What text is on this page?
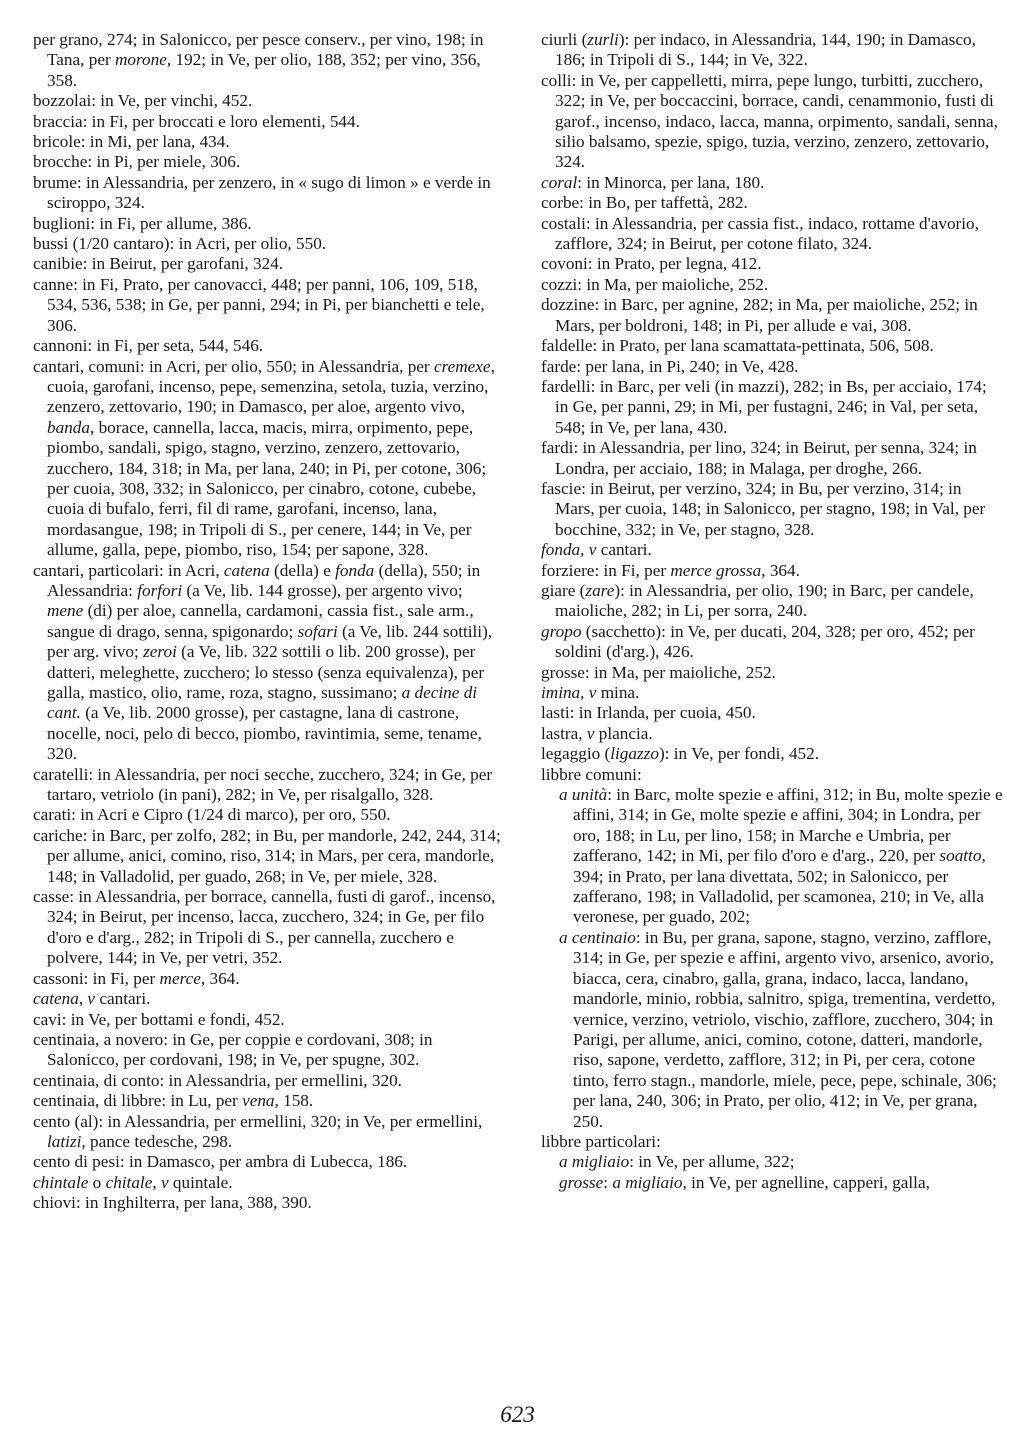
per grano, 274; in Salonicco, per pesce conserv., per vino, 198; in Tana, per morone, 192; in Ve, per olio, 188, 352; per vino, 356, 358.

bozzolai: in Ve, per vinchi, 452.

braccia: in Fi, per broccati e loro elementi, 544.

bricole: in Mi, per lana, 434.

brocche: in Pi, per miele, 306.

brume: in Alessandria, per zenzero, in « sugo di limon » e verde in sciroppo, 324.

buglioni: in Fi, per allume, 386.

bussi (1/20 cantaro): in Acri, per olio, 550.

canibie: in Beirut, per garofani, 324.

canne: in Fi, Prato, per canovacci, 448; per panni, 106, 109, 518, 534, 536, 538; in Ge, per panni, 294; in Pi, per bianchetti e tele, 306.

cannoni: in Fi, per seta, 544, 546.

cantari, comuni: in Acri, per olio, 550; in Alessandria, per cremexe, cuoia, garofani, incenso, pepe, semenzina, setola, tuzia, verzino, zenzero, zettovario, 190; in Damasco, per aloe, argento vivo, banda, borace, cannella, lacca, macis, mirra, orpimento, pepe, piombo, sandali, spigo, stagno, verzino, zenzero, zettovario, zucchero, 184, 318; in Ma, per lana, 240; in Pi, per cotone, 306; per cuoia, 308, 332; in Salonicco, per cinabro, cotone, cubebe, cuoia di bufalo, ferri, fil di rame, garofani, incenso, lana, mordasangue, 198; in Tripoli di S., per cenere, 144; in Ve, per allume, galla, pepe, piombo, riso, 154; per sapone, 328.

cantari, particolari: in Acri, catena (della) e fonda (della), 550; in Alessandria: forfori (a Ve, lib. 144 grosse), per argento vivo; mene (di) per aloe, cannella, cardamoni, cassia fist., sale arm., sangue di drago, senna, spigonardo; sofari (a Ve, lib. 244 sottili), per arg. vivo; zeroi (a Ve, lib. 322 sottili o lib. 200 grosse), per datteri, meleghette, zucchero; lo stesso (senza equivalenza), per galla, mastico, olio, rame, roza, stagno, sussimano; a decine di cant. (a Ve, lib. 2000 grosse), per castagne, lana di castrone, nocelle, noci, pelo di becco, piombo, ravintimia, seme, tename, 320.

caratelli: in Alessandria, per noci secche, zucchero, 324; in Ge, per tartaro, vetriolo (in pani), 282; in Ve, per risalgallo, 328.

carati: in Acri e Cipro (1/24 di marco), per oro, 550.

cariche: in Barc, per zolfo, 282; in Bu, per mandorle, 242, 244, 314; per allume, anici, comino, riso, 314; in Mars, per cera, mandorle, 148; in Valladolid, per guado, 268; in Ve, per miele, 328.

casse: in Alessandria, per borrace, cannella, fusti di garof., incenso, 324; in Beirut, per incenso, lacca, zucchero, 324; in Ge, per filo d'oro e d'arg., 282; in Tripoli di S., per cannella, zucchero e polvere, 144; in Ve, per vetri, 352.

cassoni: in Fi, per merce, 364.

catena, v cantari.

cavi: in Ve, per bottami e fondi, 452.

centinaia, a novero: in Ge, per coppie e cordovani, 308; in Salonicco, per cordovani, 198; in Ve, per spugne, 302.

centinaia, di conto: in Alessandria, per ermellini, 320.

centinaia, di libbre: in Lu, per vena, 158.

cento (al): in Alessandria, per ermellini, 320; in Ve, per ermellini, latizi, pance tedesche, 298.

cento di pesi: in Damasco, per ambra di Lubecca, 186.

chintale o chitale, v quintale.

chiovi: in Inghilterra, per lana, 388, 390.

ciurli (zurli): per indaco, in Alessandria, 144, 190; in Damasco, 186; in Tripoli di S., 144; in Ve, 322.

colli: in Ve, per cappelletti, mirra, pepe lungo, turbitti, zucchero, 322; in Ve, per boccaccini, borrace, candi, cenammonio, fusti di garof., incenso, indaco, lacca, manna, orpimento, sandali, senna, silio balsamo, spezie, spigo, tuzia, verzino, zenzero, zettovario, 324.

coral: in Minorca, per lana, 180.

corbe: in Bo, per taffettà, 282.

costali: in Alessandria, per cassia fist., indaco, rottame d'avorio, zafflore, 324; in Beirut, per cotone filato, 324.

covoni: in Prato, per legna, 412.

cozzi: in Ma, per maioliche, 252.

dozzine: in Barc, per agnine, 282; in Ma, per maioliche, 252; in Mars, per boldroni, 148; in Pi, per allude e vai, 308.

faldelle: in Prato, per lana scamattata-pettinata, 506, 508.

farde: per lana, in Pi, 240; in Ve, 428.

fardelli: in Barc, per veli (in mazzi), 282; in Bs, per acciaio, 174; in Ge, per panni, 29; in Mi, per fustagni, 246; in Val, per seta, 548; in Ve, per lana, 430.

fardi: in Alessandria, per lino, 324; in Beirut, per senna, 324; in Londra, per acciaio, 188; in Malaga, per droghe, 266.

fascie: in Beirut, per verzino, 324; in Bu, per verzino, 314; in Mars, per cuoia, 148; in Salonicco, per stagno, 198; in Val, per bocchine, 332; in Ve, per stagno, 328.

fonda, v cantari.

forziere: in Fi, per merce grossa, 364.

giare (zare): in Alessandria, per olio, 190; in Barc, per candele, maioliche, 282; in Li, per sorra, 240.

gropo (sacchetto): in Ve, per ducati, 204, 328; per oro, 452; per soldini (d'arg.), 426.

grosse: in Ma, per maioliche, 252.

imina, v mina.

lasti: in Irlanda, per cuoia, 450.

lastra, v plancia.

legaggio (ligazzo): in Ve, per fondi, 452.

libbre comuni:

a unità: in Barc, molte spezie e affini, 312; in Bu, molte spezie e affini, 314; in Ge, molte spezie e affini, 304; in Londra, per oro, 188; in Lu, per lino, 158; in Marche e Umbria, per zafferano, 142; in Mi, per filo d'oro e d'arg., 220, per soatto, 394; in Prato, per lana divettata, 502; in Salonicco, per zafferano, 198; in Valladolid, per scamonea, 210; in Ve, alla veronese, per guado, 202;

a centinaio: in Bu, per grana, sapone, stagno, verzino, zafflore, 314; in Ge, per spezie e affini, argento vivo, arsenico, avorio, biacca, cera, cinabro, galla, grana, indaco, lacca, landano, mandorle, minio, robbia, salnitro, spiga, trementina, verdetto, vernice, verzino, vetriolo, vischio, zafflore, zucchero, 304; in Parigi, per allume, anici, comino, cotone, datteri, mandorle, riso, sapone, verdetto, zafflore, 312; in Pi, per cera, cotone tinto, ferro stagn., mandorle, miele, pece, pepe, schinale, 306; per lana, 240, 306; in Prato, per olio, 412; in Ve, per grana, 250.

libbre particolari:

a migliaio: in Ve, per allume, 322;

grosse: a migliaio, in Ve, per agnelline, capperi, galla,

623
